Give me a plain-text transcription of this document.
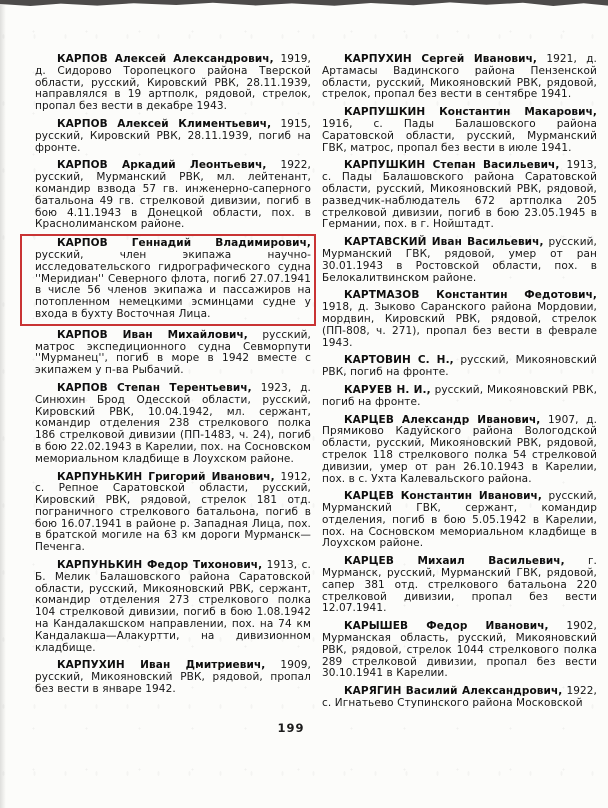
КАРПОВ Алексей Александрович, 1919, д. Сидорово Торопецкого района Тверской области, русский, Кировский РВК, 28.11.1939, направлялся в 19 артполк, рядовой, стрелок, пропал без вести в декабре 1943.

КАРПОВ Алексей Климентьевич, 1915, русский, Кировский РВК, 28.11.1939, погиб на фронте.

КАРПОВ Аркадий Леонтьевич, 1922, русский, Мурманский РВК, мл. лейтенант, командир взвода 57 гв. инженерно-саперного батальона 49 гв. стрелковой дивизии, погиб в бою 4.11.1943 в Донецкой области, пох. в Краснолиманском районе.

КАРПОВ Геннадий Владимирович, русский, член экипажа научно-исследовательского гидрографического судна ''Меридиан'' Северного флота, погиб 27.07.1941 в числе 56 членов экипажа и пассажиров на потопленном немецкими эсминцами судне у входа в бухту Восточная Лица.

КАРПОВ Иван Михайлович, русский, матрос экспедиционного судна Севморпути ''Мурманец'', погиб в море в 1942 вместе с экипажем у п-ва Рыбачий.

КАРПОВ Степан Терентьевич, 1923, д. Синюхин Брод Одесской области, русский, Кировский РВК, 10.04.1942, мл. сержант, командир отделения 238 стрелкового полка 186 стрелковой дивизии (ПП-1483, ч. 24), погиб в бою 22.02.1943 в Карелии, пох. на Сосновском мемориальном кладбище в Лоухском районе.

КАРПУНЬКИН Григорий Иванович, 1912, с. Репное Саратовской области, русский, Кировский РВК, рядовой, стрелок 181 отд. пограничного стрелкового батальона, погиб в бою 16.07.1941 в районе р. Западная Лица, пох. в братской могиле на 63 км дороги Мурманск—Печенга.

КАРПУНЬКИН Федор Тихонович, 1913, с. Б. Мелик Балашовского района Саратовской области, русский, Микояновский РВК, сержант, командир отделения 273 стрелкового полка 104 стрелковой дивизии, погиб в бою 1.08.1942 на Кандалакшском направлении, пох. на 74 км Кандалакша—Алакуртти, на дивизионном кладбище.

КАРПУХИН Иван Дмитриевич, 1909, русский, Микояновский РВК, рядовой, пропал без вести в январе 1942.

КАРПУХИН Сергей Иванович, 1921, д. Артамасы Вадинского района Пензенской области, русский, Микояновский РВК, рядовой, стрелок, пропал без вести в сентябре 1941.

КАРПУШКИН Константин Макарович, 1916, с. Пады Балашовского района Саратовской области, русский, Мурманский ГВК, матрос, пропал без вести в июле 1941.

КАРПУШКИН Степан Васильевич, 1913, с. Пады Балашовского района Саратовской области, русский, Микояновский РВК, рядовой, разведчик-наблюдатель 672 артполка 205 стрелковой дивизии, погиб в бою 23.05.1945 в Германии, пох. в г. Нойштадт.

КАРТАВСКИЙ Иван Васильевич, русский, Мурманский ГВК, рядовой, умер от ран 30.01.1943 в Ростовской области, пох. в Белокалитвинском районе.

КАРТМАЗОВ Константин Федотович, 1918, д. Зыково Саранского района Мордовии, мордвин, Кировский РВК, рядовой, стрелок (ПП-808, ч. 271), пропал без вести в феврале 1943.

КАРТОВИН С. Н., русский, Микояновский РВК, погиб на фронте.

КАРУЕВ Н. И., русский, Микояновский РВК, погиб на фронте.

КАРЦЕВ Александр Иванович, 1907, д. Прямиково Кадуйского района Вологодской области, русский, Микояновский РВК, рядовой, стрелок 118 стрелкового полка 54 стрелковой дивизии, умер от ран 26.10.1943 в Карелии, пох. в с. Ухта Калевальского района.

КАРЦЕВ Константин Иванович, русский, Мурманский ГВК, сержант, командир отделения, погиб в бою 5.05.1942 в Карелии, пох. на Сосновском мемориальном кладбище в Лоухском районе.

КАРЦЕВ Михаил Васильевич, г. Мурманск, русский, Мурманский ГВК, рядовой, сапер 381 отд. стрелкового батальона 220 стрелковой дивизии, пропал без вести 12.07.1941.

КАРЫШЕВ Федор Иванович, 1902, Мурманская область, русский, Микояновский РВК, рядовой, стрелок 1044 стрелкового полка 289 стрелковой дивизии, пропал без вести 30.10.1941 в Карелии.

КАРЯГИН Василий Александрович, 1922, с. Игнатьево Ступинского района Московской

199
